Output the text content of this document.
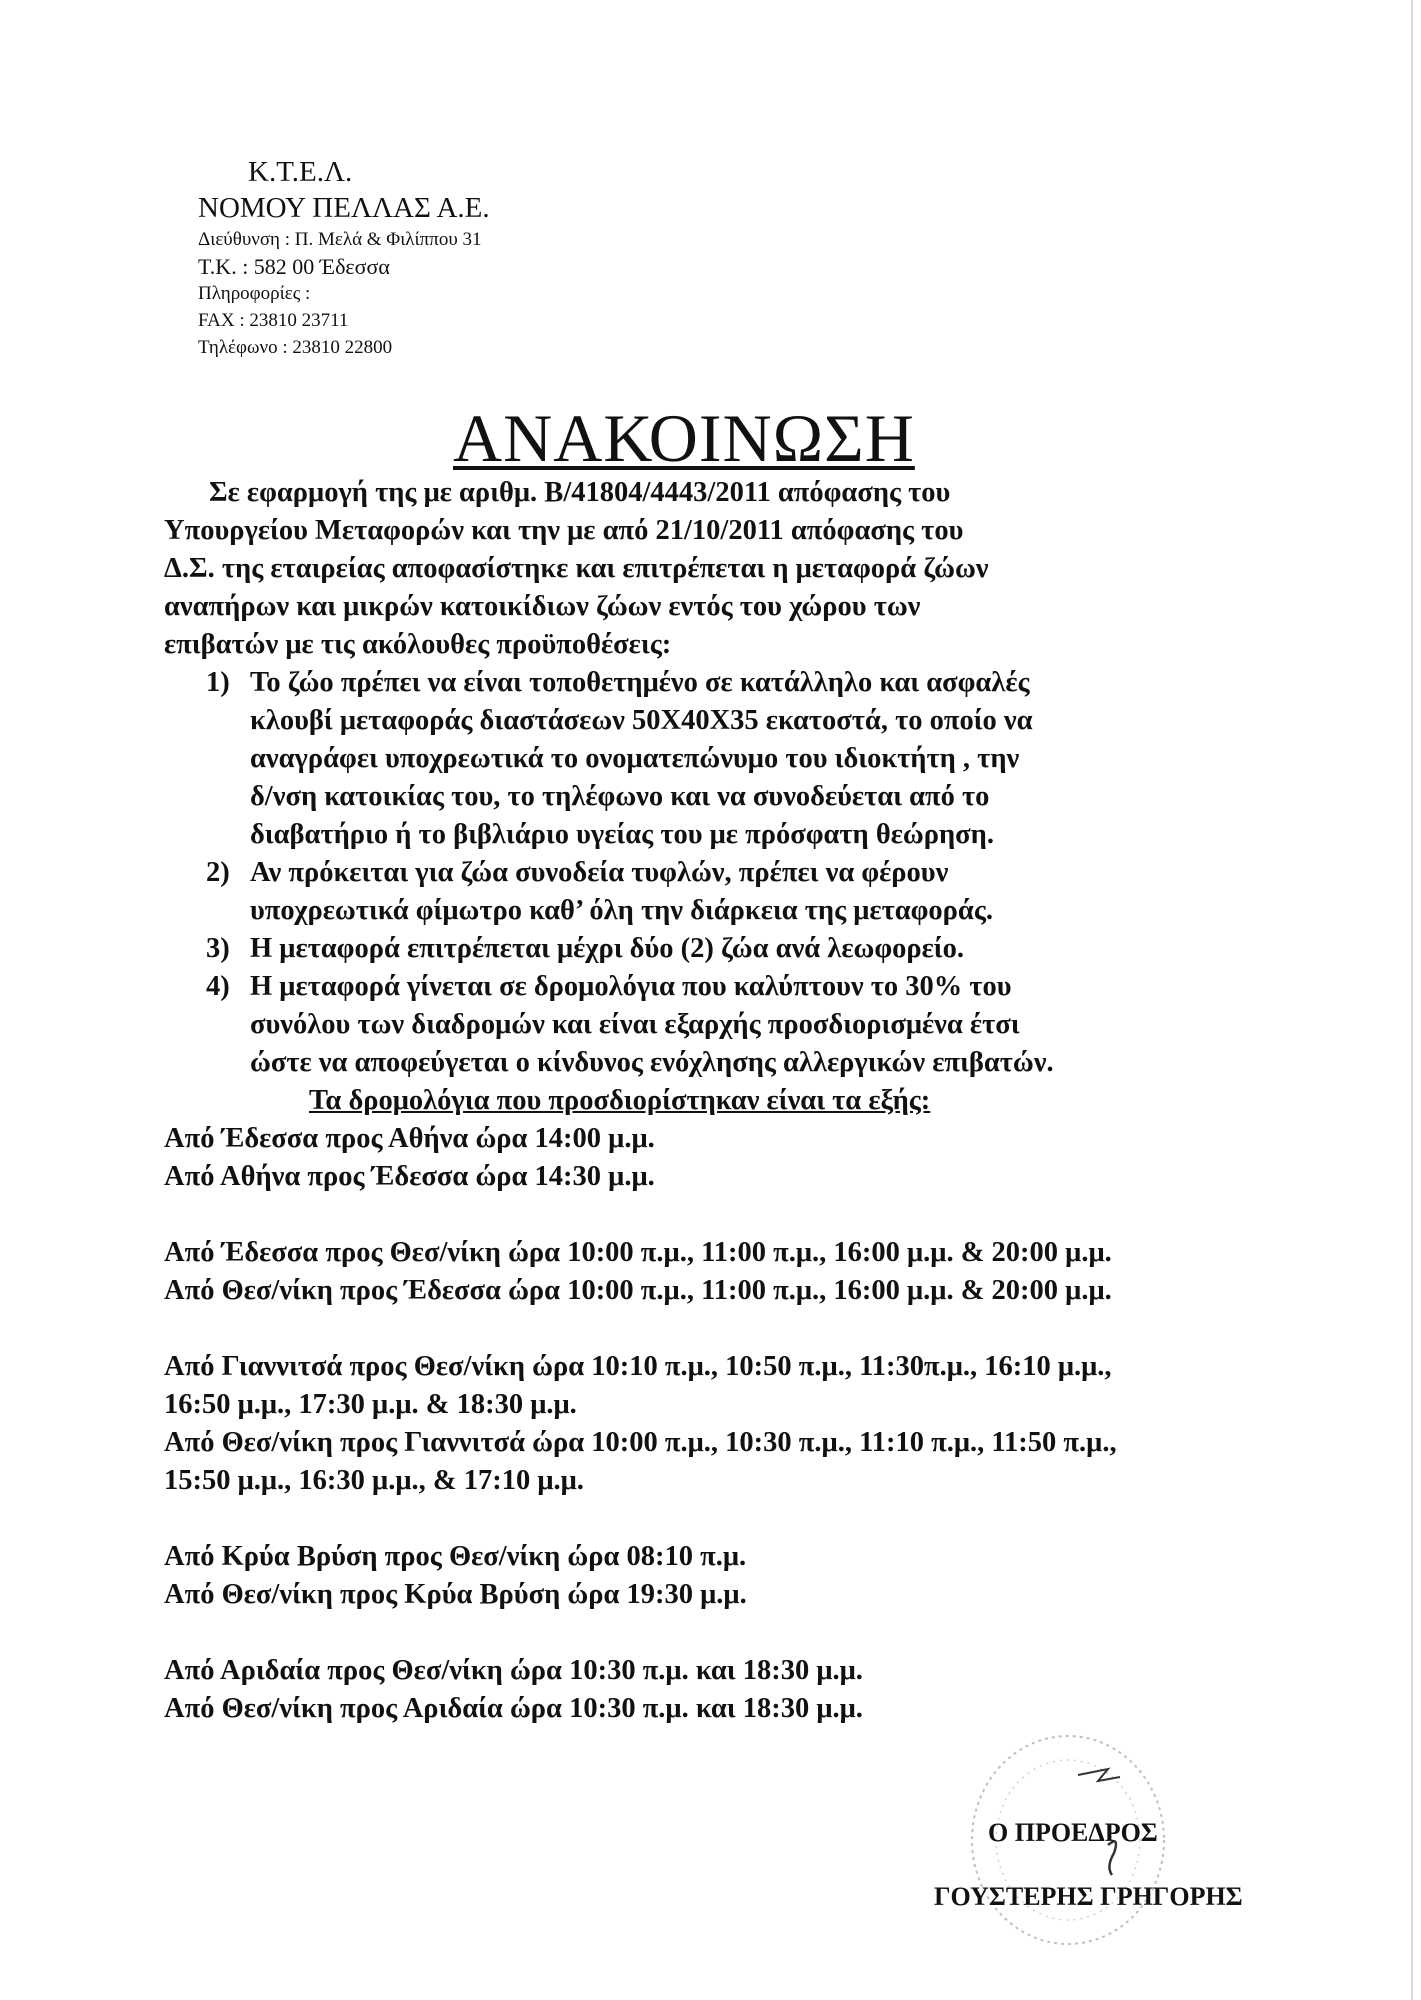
Κ.Τ.Ε.Λ.
ΝΟΜΟΥ ΠΕΛΛΑΣ Α.Ε.
Διεύθυνση : Π. Μελά & Φιλίππου 31
Τ.Κ. : 582 00 Έδεσσα
Πληροφορίες :
FAX : 23810 23711
Τηλέφωνο : 23810 22800
ΑΝΑΚΟΙΝΩΣΗ

Σε εφαρμογή της με αριθμ. Β/41804/4443/2011 απόφασης του

Υπουργείου Μεταφορών και την με από 21/10/2011 απόφασης του

Δ.Σ. της εταιρείας αποφασίστηκε και επιτρέπεται η μεταφορά ζώων

αναπήρων και μικρών κατοικίδιων ζώων εντός του χώρου των

επιβατών με τις ακόλουθες προϋποθέσεις:

1) Το ζώο πρέπει να είναι τοποθετημένο σε κατάλληλο και ασφαλές
κλουβί μεταφοράς διαστάσεων 50Χ40Χ35 εκατοστά, το οποίο να
αναγράφει υποχρεωτικά το ονοματεπώνυμο του ιδιοκτήτη , την
δ/νση κατοικίας του, το τηλέφωνο και να συνοδεύεται από το
διαβατήριο ή το βιβλιάριο υγείας του με πρόσφατη θεώρηση.
2) Αν πρόκειται για ζώα συνοδεία τυφλών, πρέπει να φέρουν
υποχρεωτικά φίμωτρο καθ’ όλη την διάρκεια της μεταφοράς.
3) Η μεταφορά επιτρέπεται μέχρι δύο (2) ζώα ανά λεωφορείο.
4) Η μεταφορά γίνεται σε δρομολόγια που καλύπτουν το 30% του
συνόλου των διαδρομών και είναι εξαρχής προσδιορισμένα έτσι
ώστε να αποφεύγεται ο κίνδυνος ενόχλησης αλλεργικών επιβατών.
Τα δρομολόγια που προσδιορίστηκαν είναι τα εξής:

Από Έδεσσα προς Αθήνα ώρα 14:00 μ.μ.

Από Αθήνα προς Έδεσσα ώρα 14:30 μ.μ.

Από Έδεσσα προς Θεσ/νίκη ώρα 10:00 π.μ., 11:00 π.μ., 16:00 μ.μ. & 20:00 μ.μ.

Από Θεσ/νίκη προς Έδεσσα ώρα 10:00 π.μ., 11:00 π.μ., 16:00 μ.μ. & 20:00 μ.μ.

Από Γιαννιτσά προς Θεσ/νίκη ώρα 10:10 π.μ., 10:50 π.μ., 11:30π.μ., 16:10 μ.μ.,

16:50 μ.μ., 17:30 μ.μ. & 18:30 μ.μ.

Από Θεσ/νίκη προς Γιαννιτσά ώρα 10:00 π.μ., 10:30 π.μ., 11:10 π.μ., 11:50 π.μ.,

15:50 μ.μ., 16:30 μ.μ., & 17:10 μ.μ.

Από Κρύα Βρύση προς Θεσ/νίκη ώρα 08:10 π.μ.

Από Θεσ/νίκη προς Κρύα Βρύση ώρα 19:30 μ.μ.

Από Αριδαία προς Θεσ/νίκη ώρα 10:30 π.μ. και 18:30 μ.μ.

Από Θεσ/νίκη προς Αριδαία ώρα 10:30 π.μ. και 18:30 μ.μ.

Ο ΠΡΟΕΔΡΟΣ
ΓΟΥΣΤΕΡΗΣ ΓΡΗΓΟΡΗΣ
